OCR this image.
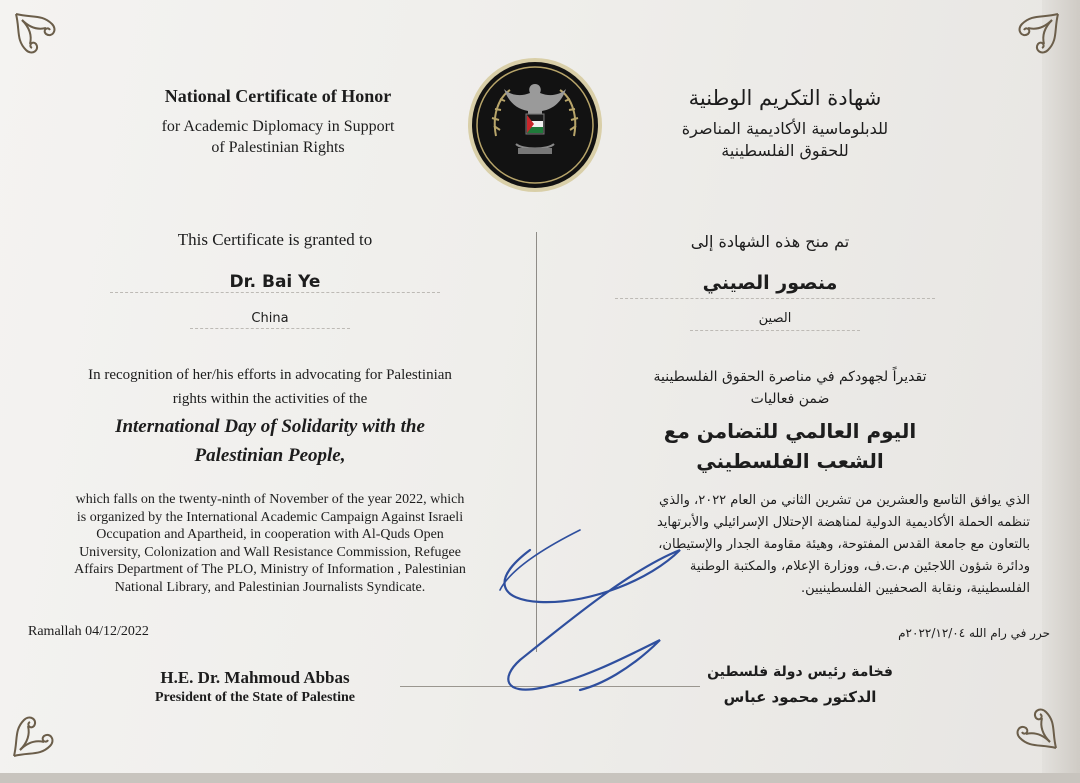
National Certificate of Honor
for Academic Diplomacy in Support
of Palestinian Rights
شهادة التكريم الوطنية
للدبلوماسية الأكاديمية المناصرة
للحقوق الفلسطينية
This Certificate is granted to
Dr. Bai Ye
China
In recognition of her/his efforts in advocating for Palestinian
rights within the activities of the
International Day of Solidarity with the
Palestinian People,
which falls on the twenty-ninth of November of the year 2022, which
is organized by the International Academic Campaign Against Israeli
Occupation and Apartheid, in cooperation with Al-Quds Open
University, Colonization and Wall Resistance Commission, Refugee
Affairs Department of The PLO, Ministry of Information , Palestinian
National Library, and Palestinian Journalists Syndicate.
Ramallah 04/12/2022
H.E. Dr. Mahmoud Abbas
President of the State of Palestine
تم منح هذه الشهادة إلى
منصور الصيني
الصين
تقديراً لجهودكم في مناصرة الحقوق الفلسطينية
ضمن فعاليات
اليوم العالمي للتضامن مع
الشعب الفلسطيني
الذي يوافق التاسع والعشرين من تشرين الثاني من العام ٢٠٢٢، والذي
تنظمه الحملة الأكاديمية الدولية لمناهضة الإحتلال الإسرائيلي والأبرتهايد
بالتعاون مع جامعة القدس المفتوحة، وهيئة مقاومة الجدار والإستيطان،
ودائرة شؤون اللاجئين م.ت.ف، ووزارة الإعلام، والمكتبة الوطنية
الفلسطينية، ونقابة الصحفيين الفلسطينيين.
حرر في رام الله ٢٠٢٢/١٢/٠٤م
فخامة رئيس دولة فلسطين
الدكتور محمود عباس
